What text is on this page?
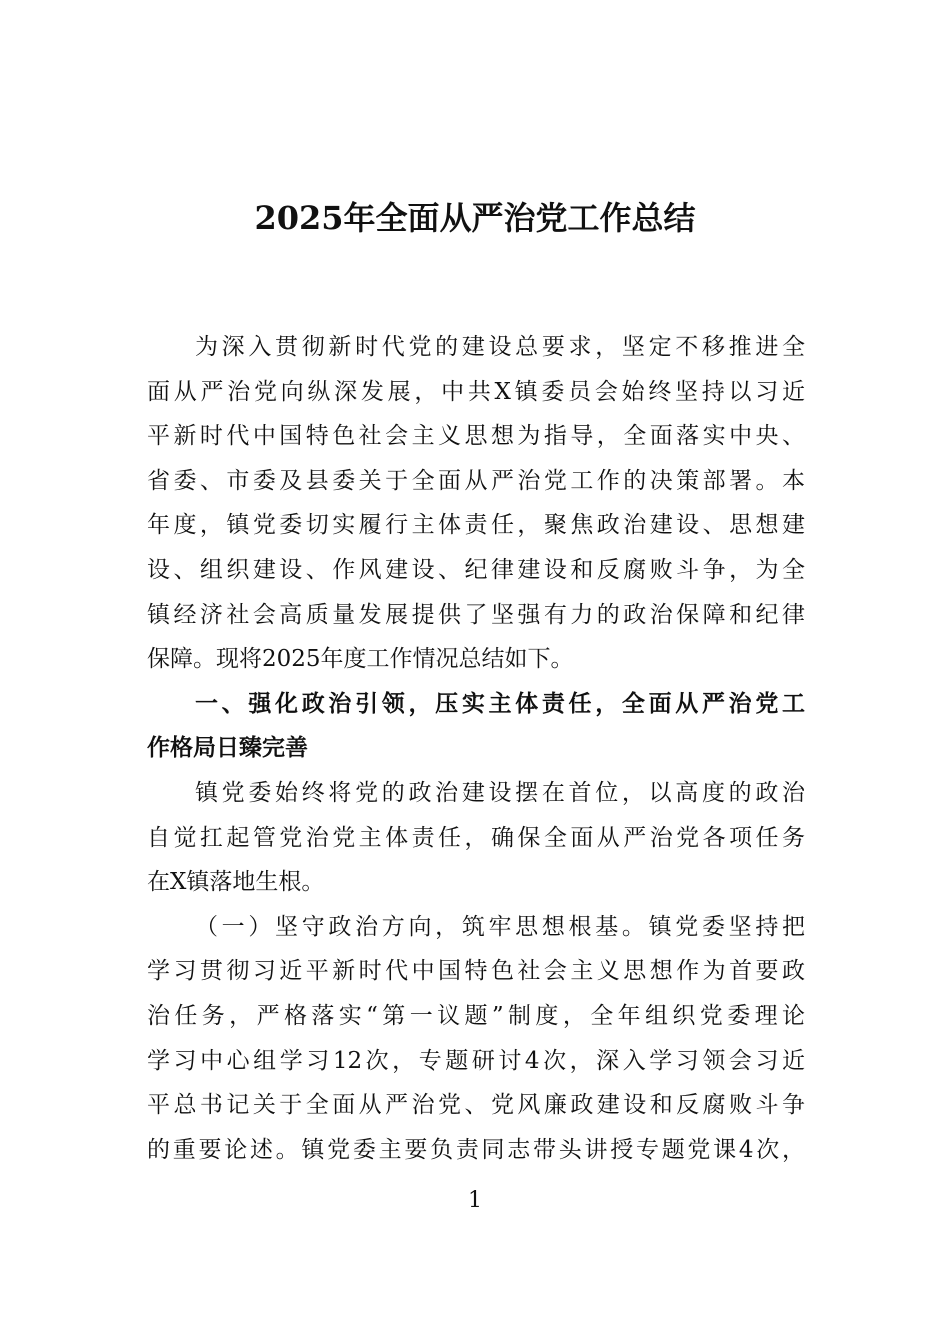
2025年全面从严治党工作总结
为深入贯彻新时代党的建设总要求，坚定不移推进全
面从严治党向纵深发展，中共X镇委员会始终坚持以习近
平新时代中国特色社会主义思想为指导，全面落实中央、
省委、市委及县委关于全面从严治党工作的决策部署。本
年度，镇党委切实履行主体责任，聚焦政治建设、思想建
设、组织建设、作风建设、纪律建设和反腐败斗争，为全
镇经济社会高质量发展提供了坚强有力的政治保障和纪律
保障。现将2025年度工作情况总结如下。
一、强化政治引领，压实主体责任，全面从严治党工
作格局日臻完善
镇党委始终将党的政治建设摆在首位，以高度的政治
自觉扛起管党治党主体责任，确保全面从严治党各项任务
在X镇落地生根。
（一）坚守政治方向，筑牢思想根基。镇党委坚持把
学习贯彻习近平新时代中国特色社会主义思想作为首要政
治任务，严格落实“第一议题”制度，全年组织党委理论
学习中心组学习12次，专题研讨4次，深入学习领会习近
平总书记关于全面从严治党、党风廉政建设和反腐败斗争
的重要论述。镇党委主要负责同志带头讲授专题党课4次，
1
